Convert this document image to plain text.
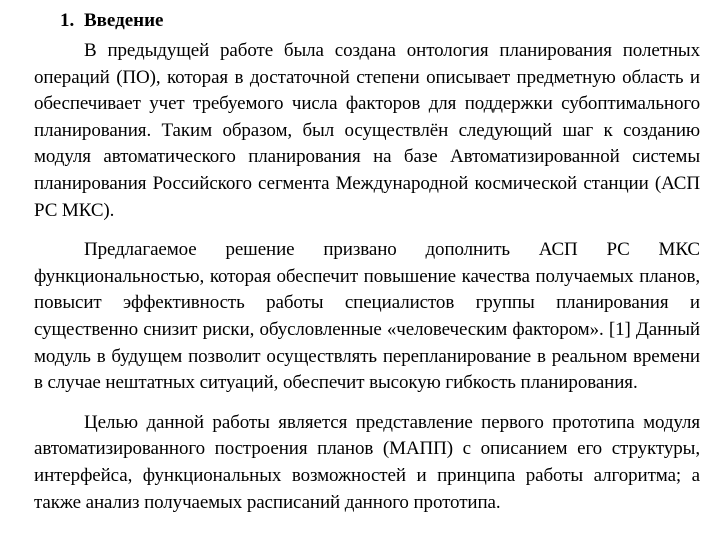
1. Введение

В предыдущей работе была создана онтология планирования полетных операций (ПО), которая в достаточной степени описывает предметную область и обеспечивает учет требуемого числа факторов для поддержки субоптимального планирования. Таким образом, был осуществлён следующий шаг к созданию модуля автоматического планирования на базе Автоматизированной системы планирования Российского сегмента Международной космической станции (АСП РС МКС).

Предлагаемое решение призвано дополнить АСП РС МКС функциональностью, которая обеспечит повышение качества получаемых планов, повысит эффективность работы специалистов группы планирования и существенно снизит риски, обусловленные «человеческим фактором». [1] Данный модуль в будущем позволит осуществлять перепланирование в реальном времени в случае нештатных ситуаций, обеспечит высокую гибкость планирования.

Целью данной работы является представление первого прототипа модуля автоматизированного построения планов (МАПП) с описанием его структуры, интерфейса, функциональных возможностей и принципа работы алгоритма; а также анализ получаемых расписаний данного прототипа.
